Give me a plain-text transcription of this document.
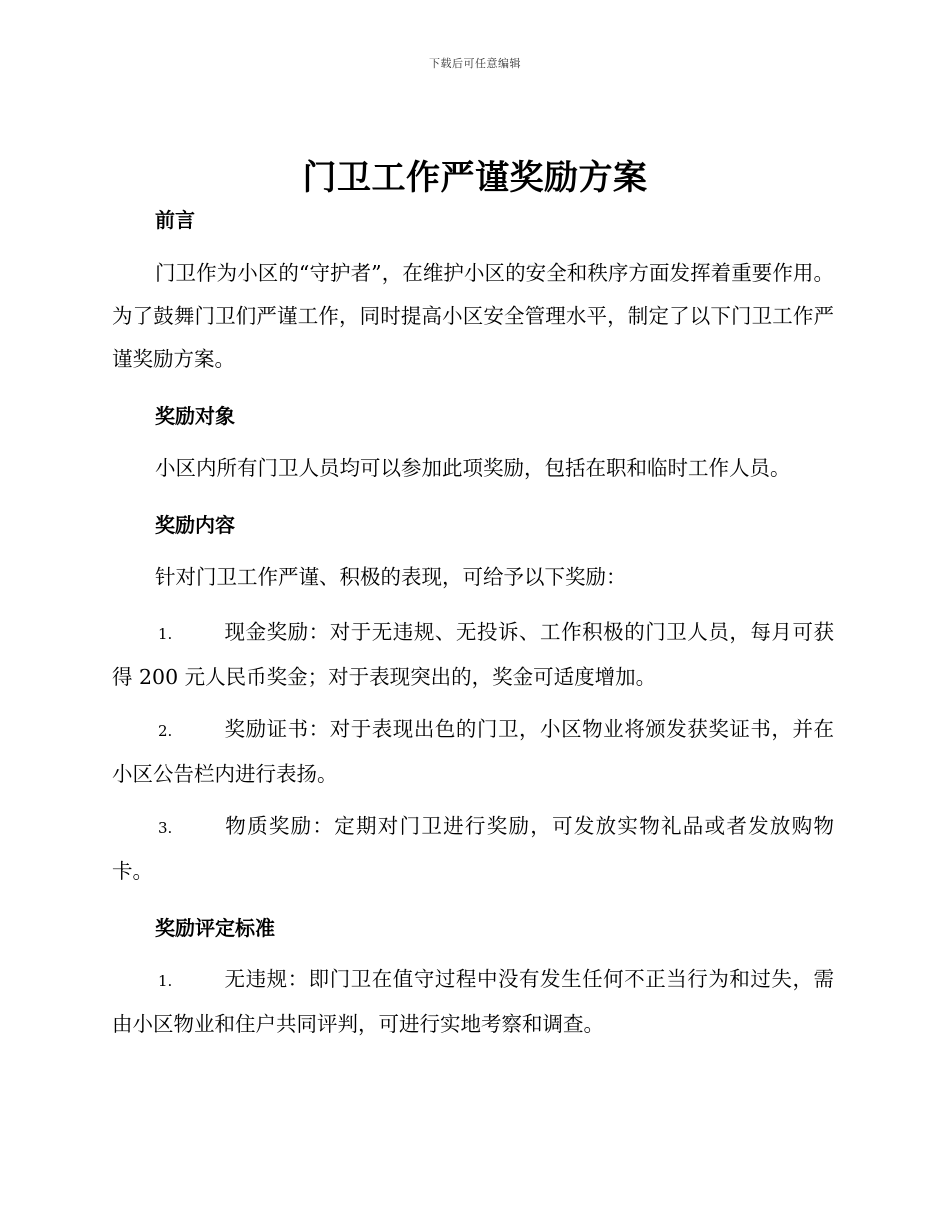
下载后可任意编辑
门卫工作严谨奖励方案
前言

门卫作为小区的“守护者”，在维护小区的安全和秩序方面发挥着重要作用。为了鼓舞门卫们严谨工作，同时提高小区安全管理水平，制定了以下门卫工作严谨奖励方案。

奖励对象

小区内所有门卫人员均可以参加此项奖励，包括在职和临时工作人员。

奖励内容

针对门卫工作严谨、积极的表现，可给予以下奖励：

1.	现金奖励：对于无违规、无投诉、工作积极的门卫人员，每月可获得 200 元人民币奖金；对于表现突出的，奖金可适度增加。

2.	奖励证书：对于表现出色的门卫，小区物业将颁发获奖证书，并在小区公告栏内进行表扬。

3.	物质奖励：定期对门卫进行奖励，可发放实物礼品或者发放购物卡。

奖励评定标准

1.	无违规：即门卫在值守过程中没有发生任何不正当行为和过失，需由小区物业和住户共同评判，可进行实地考察和调查。
